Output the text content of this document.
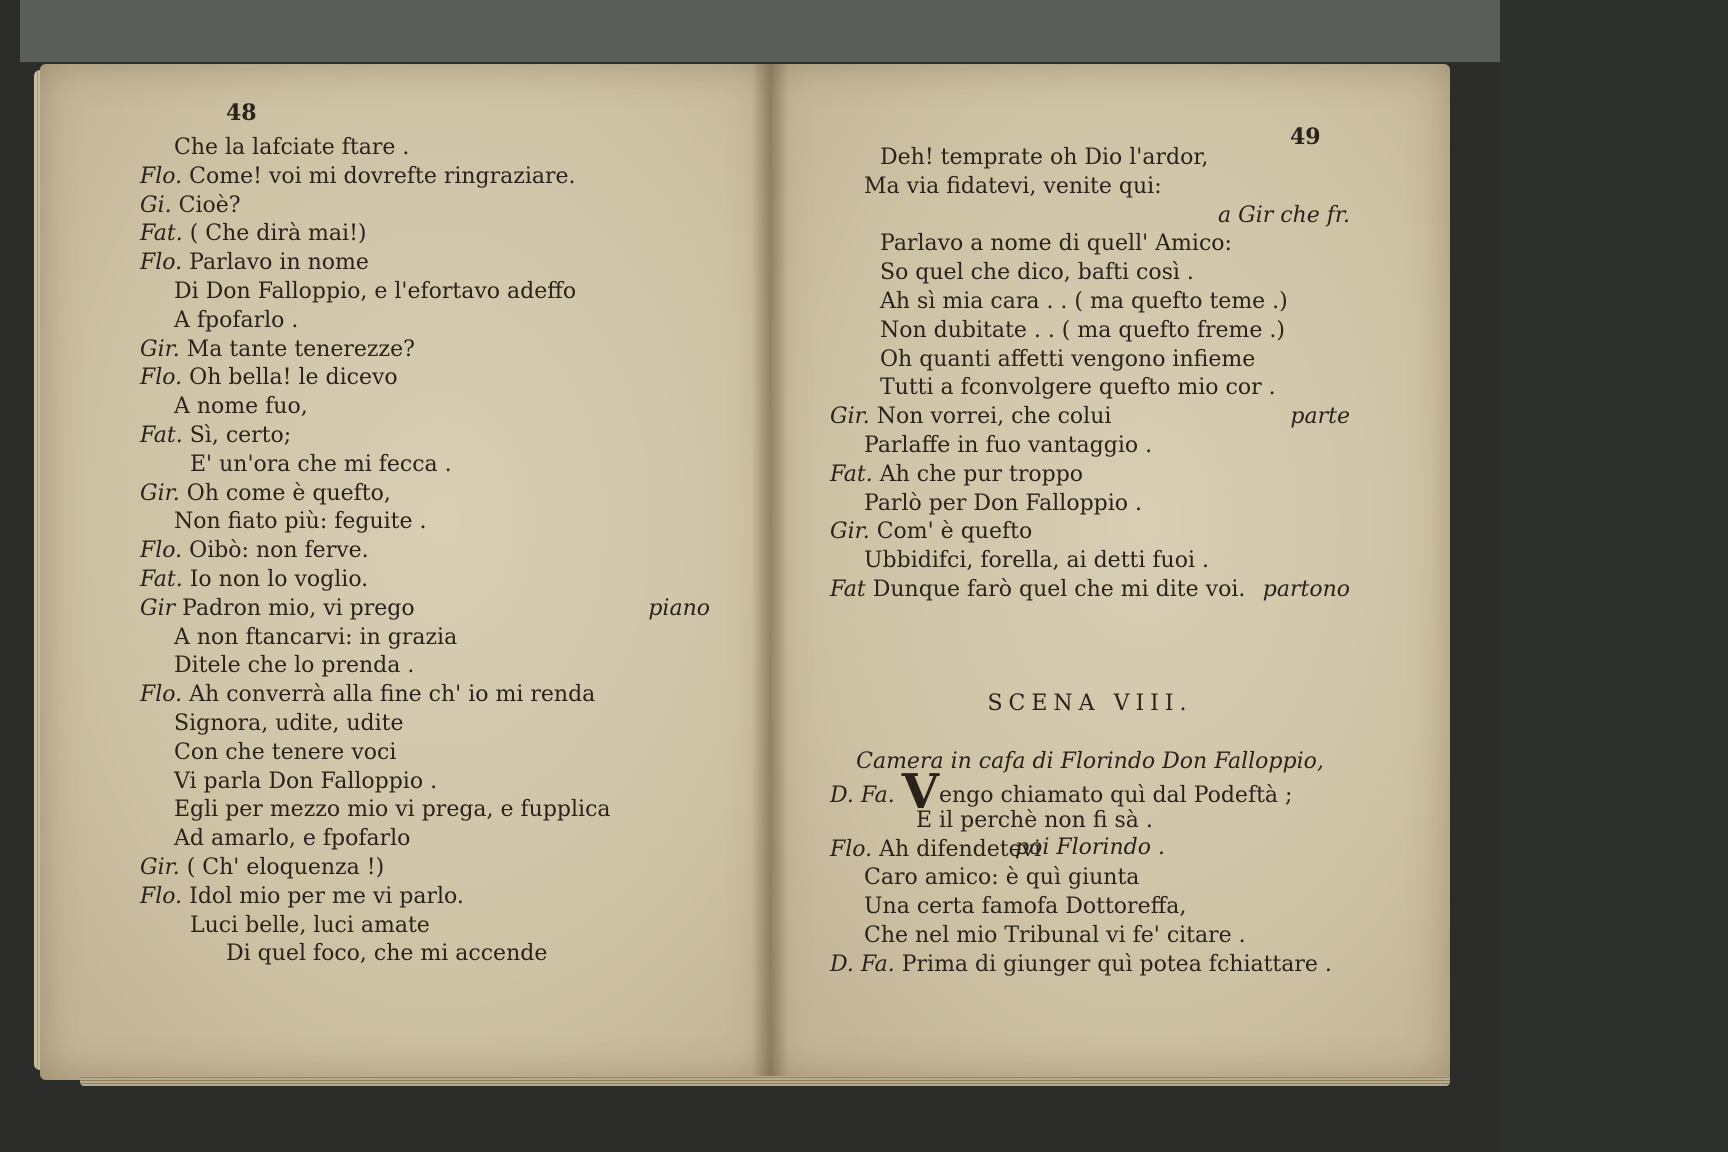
48
49
Che la lafciate ftare .
Flo. Come! voi mi dovrefte ringraziare.
Gi. Cioè?
Fat. ( Che dirà mai!)
Flo. Parlavo in nome
Di Don Falloppio, e l'efortavo adeffo
A fpofarlo .
Gir. Ma tante tenerezze?
Flo. Oh bella! le dicevo
A nome fuo,
Fat. Sì, certo;
E' un'ora che mi fecca .
Gir. Oh come è quefto,
Non fiato più: feguite .
Flo. Oibò: non ferve.
Fat. Io non lo voglio.
Gir Padron mio, vi prego	piano
A non ftancarvi: in grazia
Ditele che lo prenda .
Flo. Ah converrà alla fine ch' io mi renda
Signora, udite, udite
Con che tenere voci
Vi parla Don Falloppio .
Egli per mezzo mio vi prega, e fupplica
Ad amarlo, e fpofarlo
Gir. ( Ch' eloquenza !)
Flo. Idol mio per me vi parlo.
Luci belle, luci amate
Di quel foco, che mi accende
Deh! temprate oh Dio l'ardor,
Ma via fidatevi, venite qui:
a Gir che fr.
Parlavo a nome di quell' Amico:
So quel che dico, bafti così .
Ah sì mia cara . . ( ma quefto teme .)
Non dubitate . . ( ma quefto freme .)
Oh quanti affetti vengono infieme
Tutti a fconvolgere quefto mio cor .
Gir. Non vorrei, che colui	parte
Parlaffe in fuo vantaggio .
Fat. Ah che pur troppo
Parlò per Don Falloppio .
Gir. Com' è quefto
Ubbidifci, forella, ai detti fuoi .
Fat Dunque farò quel che mi dite voi. partono

SCENA VIII.

Camera in cafa di Florindo Don Falloppio,

poi Florindo .

D. Fa. Vengo chiamato quì dal Podeftà ;
E il perchè non fi sà .
Flo. Ah difendetevi
Caro amico: è quì giunta
Una certa famofa Dottoreffa,
Che nel mio Tribunal vi fe' citare .
D. Fa. Prima di giunger quì potea fchiattare .
